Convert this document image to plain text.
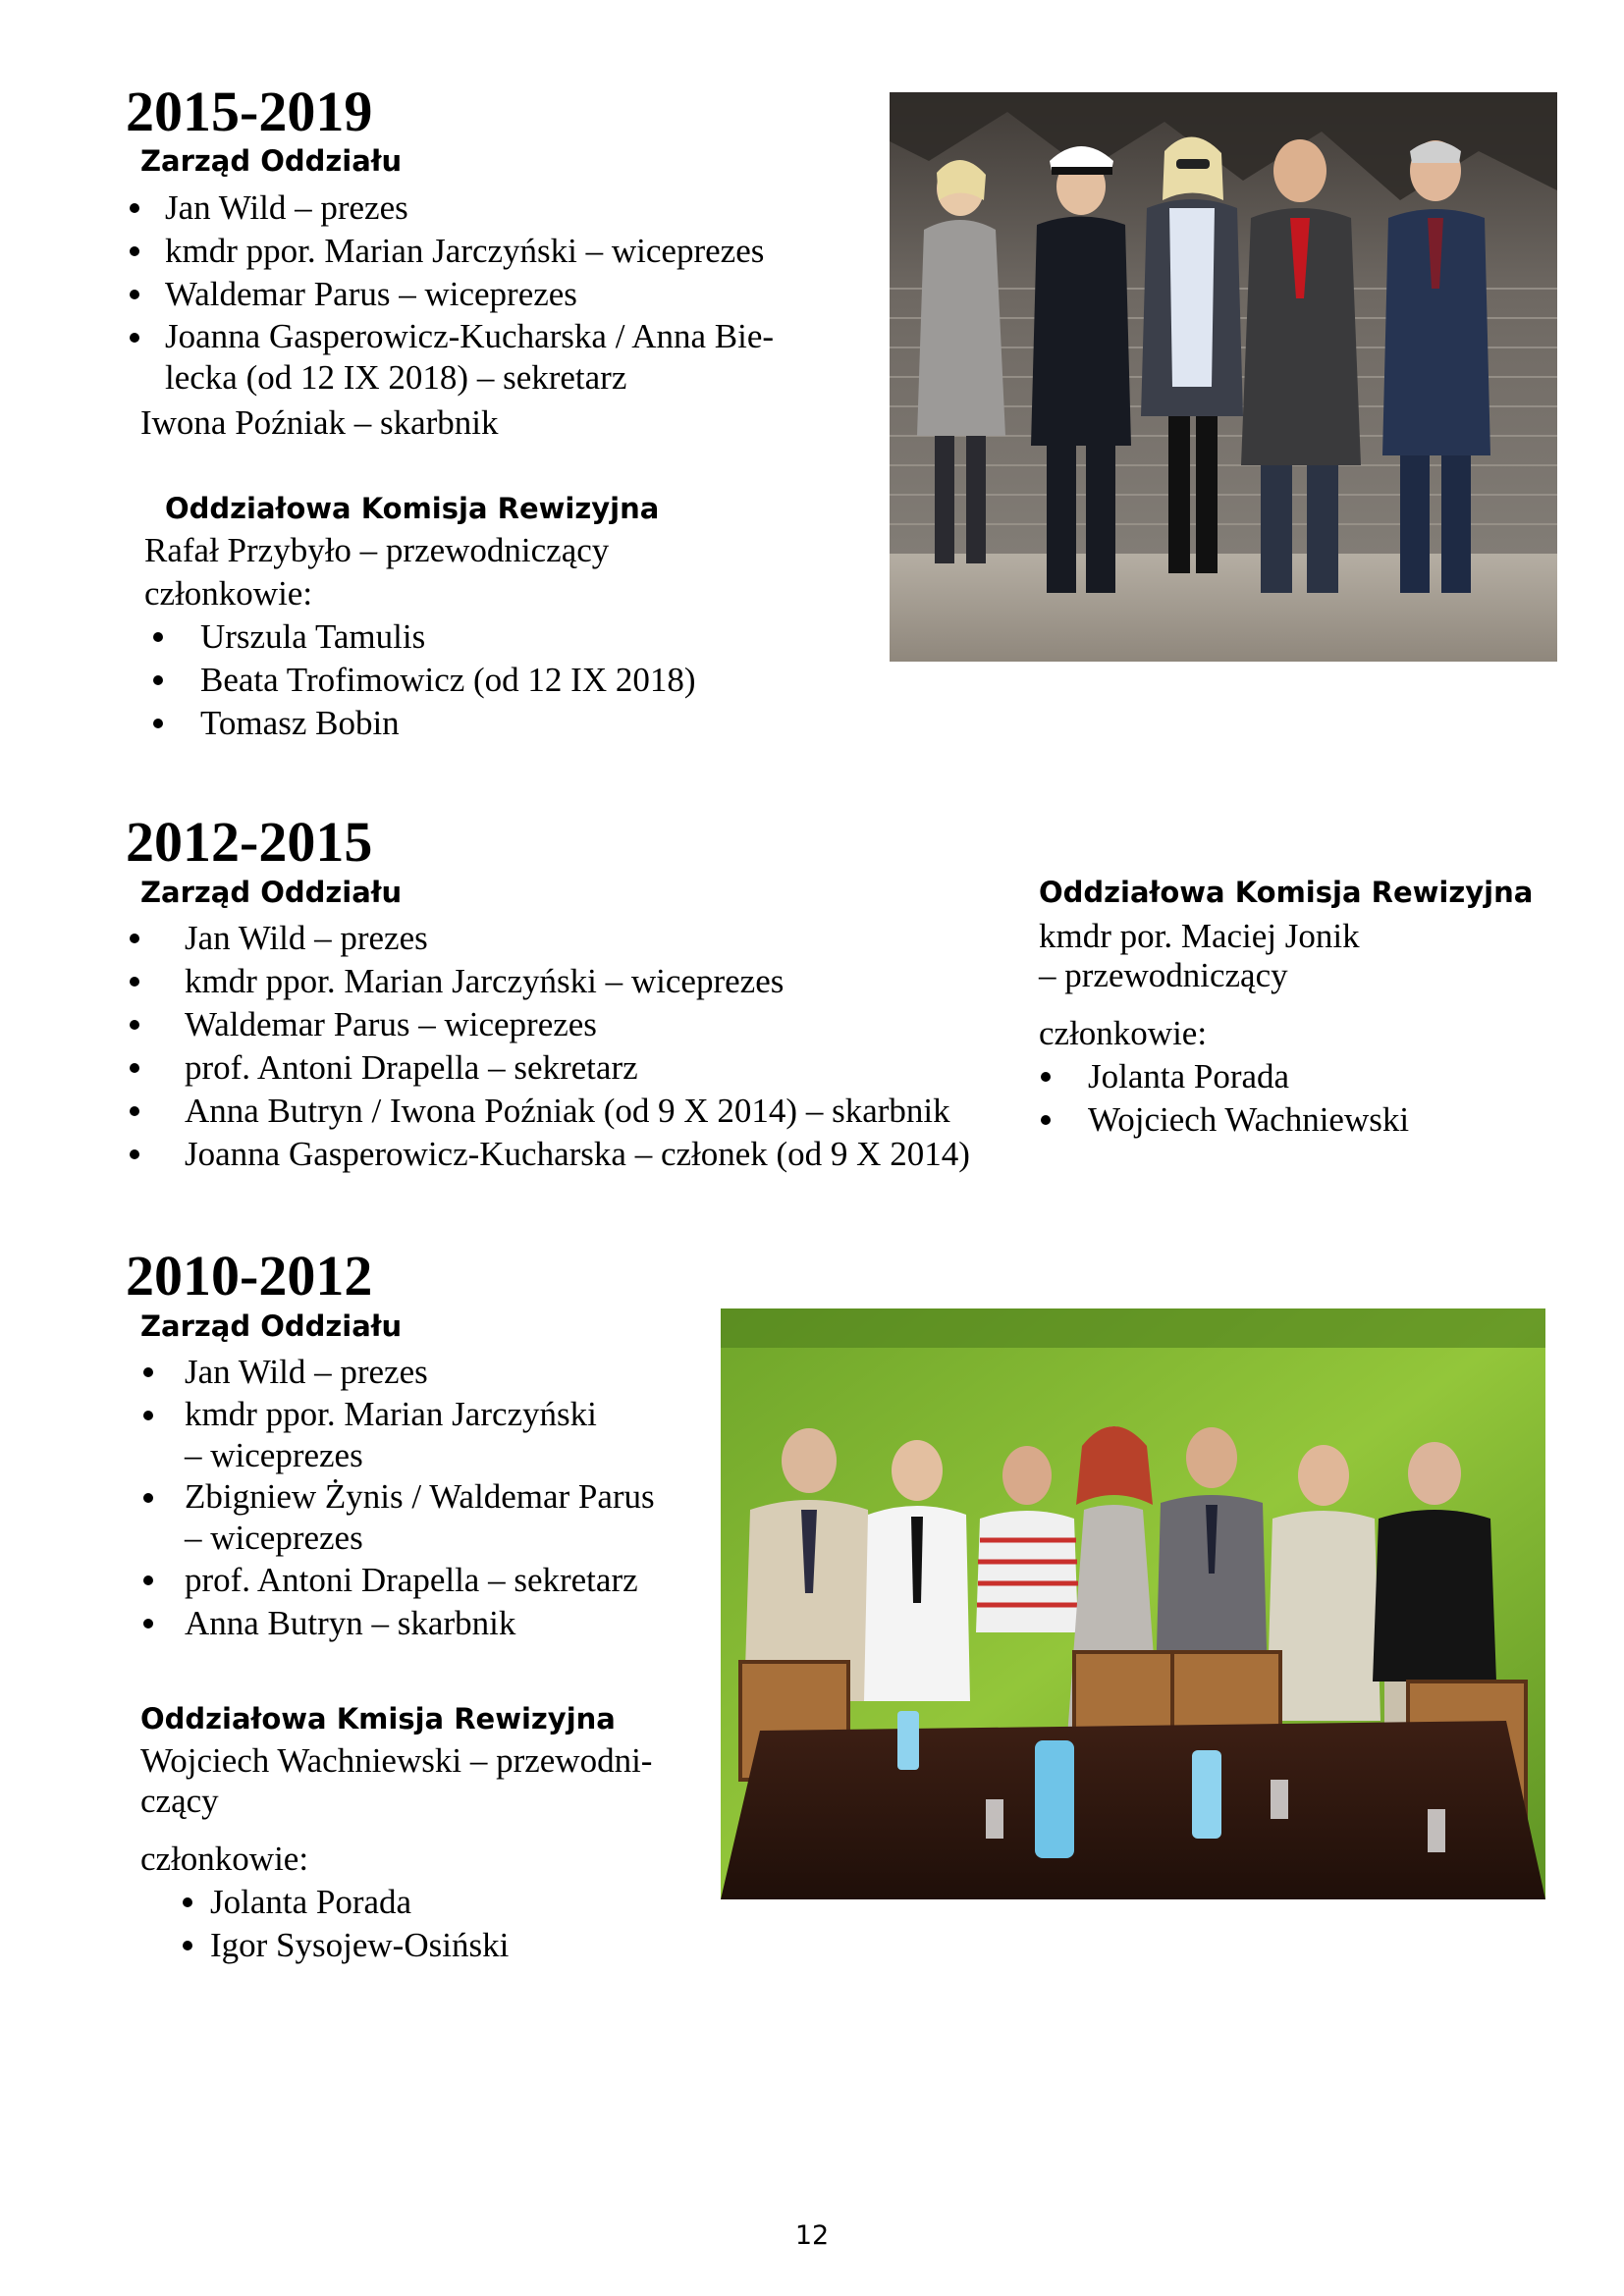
2015-2019
Zarząd Oddziału
Jan Wild – prezes
kmdr ppor. Marian Jarczyński – wiceprezes
Waldemar Parus – wiceprezes
Joanna Gasperowicz-Kucharska / Anna Bie-
lecka (od 12 IX 2018) – sekretarz

Iwona Poźniak – skarbnik

Oddziałowa Komisja Rewizyjna

Rafał Przybyło – przewodniczący

członkowie:

Urszula Tamulis
Beata Trofimowicz (od 12 IX 2018)
Tomasz Bobin
2012-2015
Zarząd Oddziału
Jan Wild – prezes
kmdr ppor. Marian Jarczyński – wiceprezes
Waldemar Parus – wiceprezes
prof. Antoni Drapella – sekretarz
Anna Butryn / Iwona Poźniak (od 9 X 2014) – skarbnik
Joanna Gasperowicz-Kucharska – członek (od 9 X 2014)
Oddziałowa Komisja Rewizyjna

kmdr por. Maciej Jonik

– przewodniczący

członkowie:

Jolanta Porada
Wojciech Wachniewski
2010-2012
Zarząd Oddziału
Jan Wild – prezes
kmdr ppor. Marian Jarczyński
– wiceprezes
Zbigniew Żynis / Waldemar Parus
– wiceprezes
prof. Antoni Drapella – sekretarz
Anna Butryn – skarbnik
Oddziałowa Kmisja Rewizyjna

Wojciech Wachniewski – przewodni-

czący

członkowie:

Jolanta Porada
Igor Sysojew-Osiński
12
